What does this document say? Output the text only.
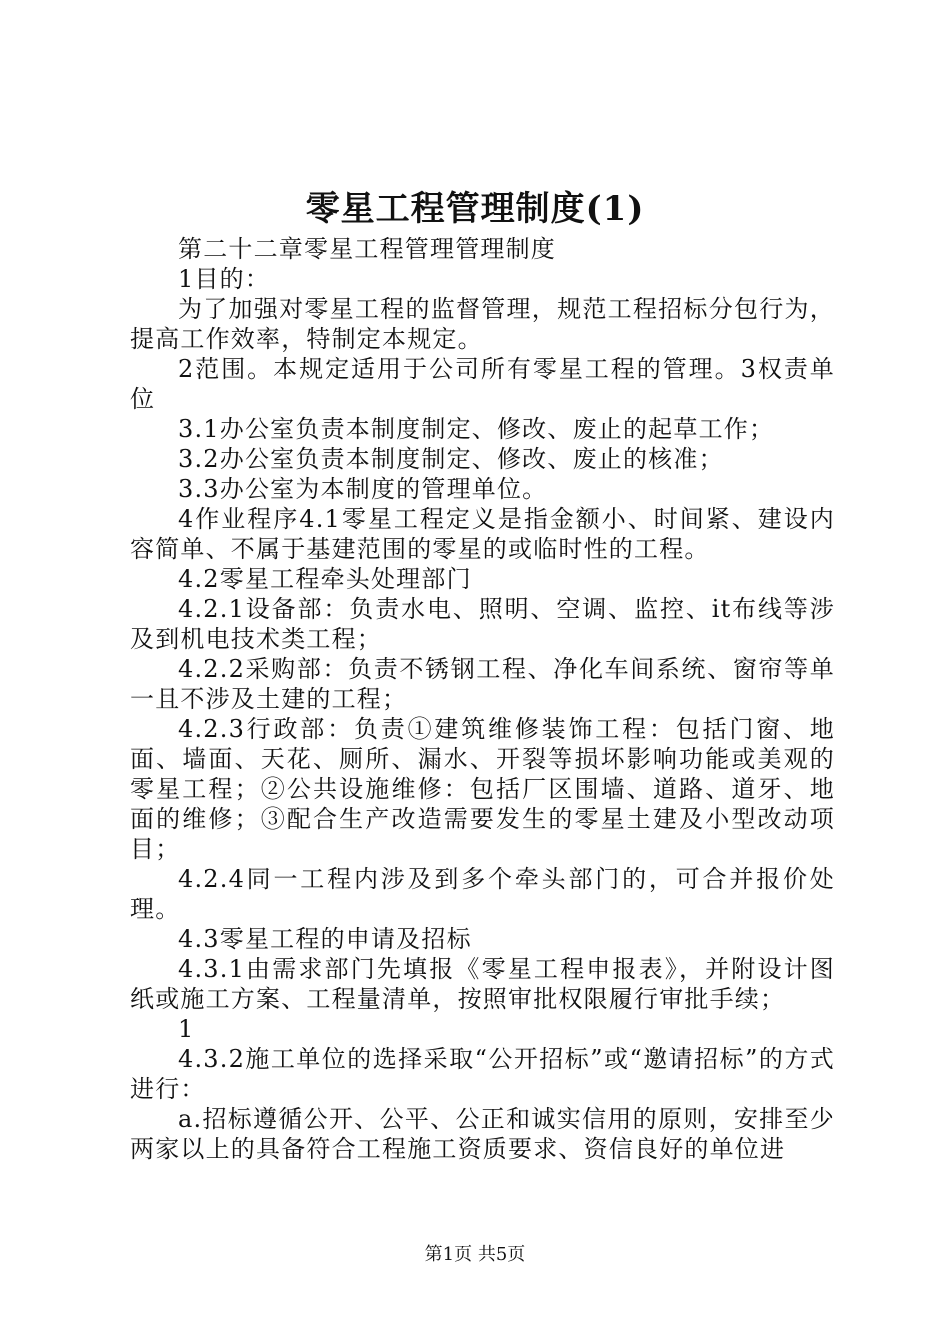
零星工程管理制度(1)

第二十二章零星工程管理管理制度

1目的：

为了加强对零星工程的监督管理，规范工程招标分包行为，提高工作效率，特制定本规定。

2范围。本规定适用于公司所有零星工程的管理。3权责单位

3.1办公室负责本制度制定、修改、废止的起草工作；

3.2办公室负责本制度制定、修改、废止的核准；

3.3办公室为本制度的管理单位。

4作业程序4.1零星工程定义是指金额小、时间紧、建设内容简单、不属于基建范围的零星的或临时性的工程。

4.2零星工程牵头处理部门

4.2.1设备部：负责水电、照明、空调、监控、it布线等涉及到机电技术类工程；

4.2.2采购部：负责不锈钢工程、净化车间系统、窗帘等单一且不涉及土建的工程；

4.2.3行政部：负责①建筑维修装饰工程：包括门窗、地面、墙面、天花、厕所、漏水、开裂等损坏影响功能或美观的零星工程；②公共设施维修：包括厂区围墙、道路、道牙、地面的维修；③配合生产改造需要发生的零星土建及小型改动项目；

4.2.4同一工程内涉及到多个牵头部门的，可合并报价处理。

4.3零星工程的申请及招标

4.3.1由需求部门先填报《零星工程申报表》，并附设计图纸或施工方案、工程量清单，按照审批权限履行审批手续；

1

4.3.2施工单位的选择采取“公开招标”或“邀请招标”的方式进行：

a.招标遵循公开、公平、公正和诚实信用的原则，安排至少两家以上的具备符合工程施工资质要求、资信良好的单位进

第1页 共5页
